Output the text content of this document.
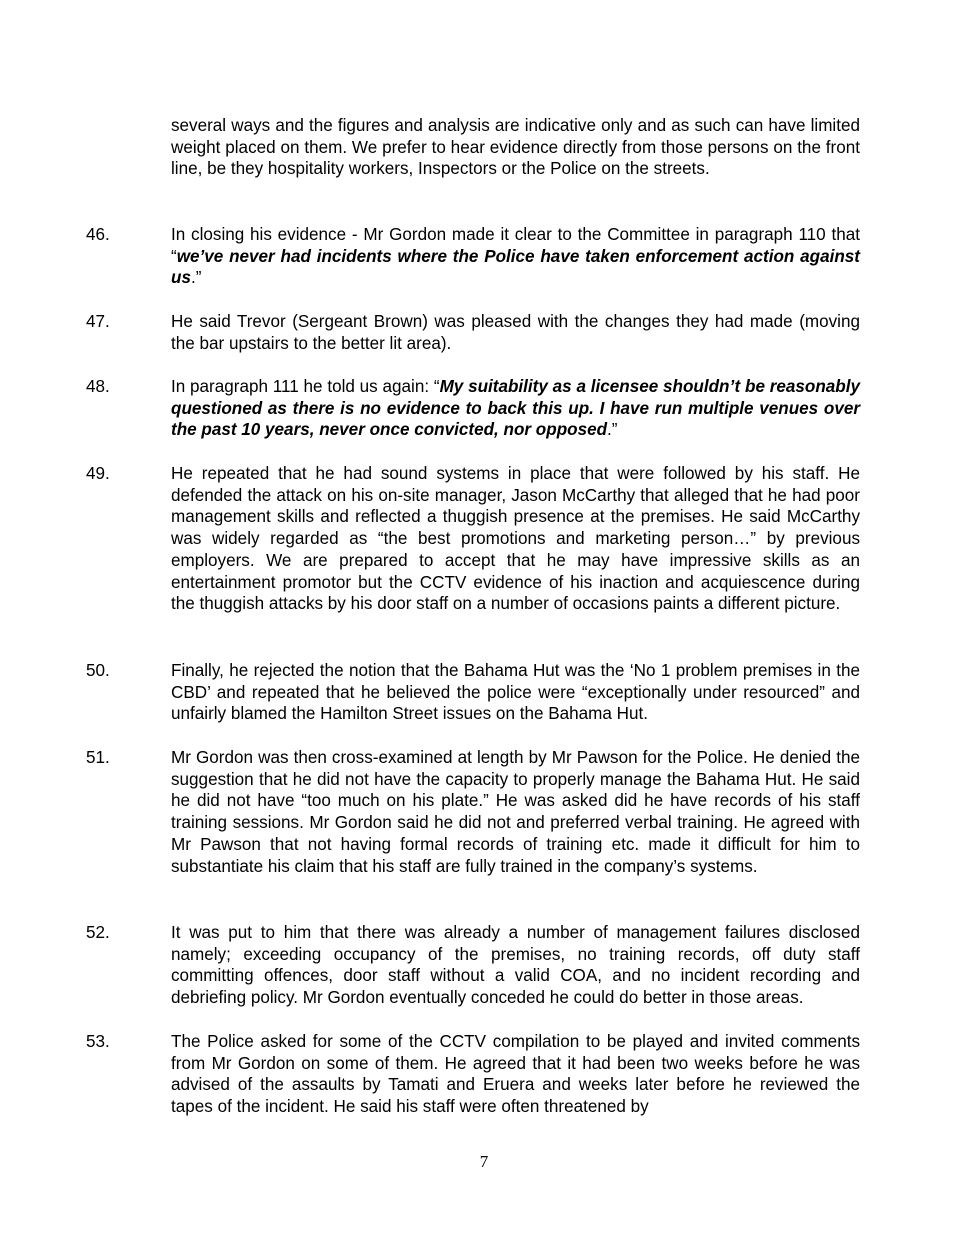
several ways and the figures and analysis are indicative only and as such can have limited weight placed on them. We prefer to hear evidence directly from those persons on the front line, be they hospitality workers, Inspectors or the Police on the streets.
46.	In closing his evidence - Mr Gordon made it clear to the Committee in paragraph 110 that “we’ve never had incidents where the Police have taken enforcement action against us.”
47.	He said Trevor (Sergeant Brown) was pleased with the changes they had made (moving the bar upstairs to the better lit area).
48.	In paragraph 111 he told us again: “My suitability as a licensee shouldn’t be reasonably questioned as there is no evidence to back this up. I have run multiple venues over the past 10 years, never once convicted, nor opposed.”
49.	He repeated that he had sound systems in place that were followed by his staff. He defended the attack on his on-site manager, Jason McCarthy that alleged that he had poor management skills and reflected a thuggish presence at the premises. He said McCarthy was widely regarded as “the best promotions and marketing person…” by previous employers. We are prepared to accept that he may have impressive skills as an entertainment promotor but the CCTV evidence of his inaction and acquiescence during the thuggish attacks by his door staff on a number of occasions paints a different picture.
50.	Finally, he rejected the notion that the Bahama Hut was the ‘No 1 problem premises in the CBD’ and repeated that he believed the police were “exceptionally under resourced” and unfairly blamed the Hamilton Street issues on the Bahama Hut.
51.	Mr Gordon was then cross-examined at length by Mr Pawson for the Police. He denied the suggestion that he did not have the capacity to properly manage the Bahama Hut. He said he did not have “too much on his plate.” He was asked did he have records of his staff training sessions. Mr Gordon said he did not and preferred verbal training. He agreed with Mr Pawson that not having formal records of training etc. made it difficult for him to substantiate his claim that his staff are fully trained in the company’s systems.
52.	It was put to him that there was already a number of management failures disclosed namely; exceeding occupancy of the premises, no training records, off duty staff committing offences, door staff without a valid COA, and no incident recording and debriefing policy. Mr Gordon eventually conceded he could do better in those areas.
53.	The Police asked for some of the CCTV compilation to be played and invited comments from Mr Gordon on some of them. He agreed that it had been two weeks before he was advised of the assaults by Tamati and Eruera and weeks later before he reviewed the tapes of the incident. He said his staff were often threatened by
7
